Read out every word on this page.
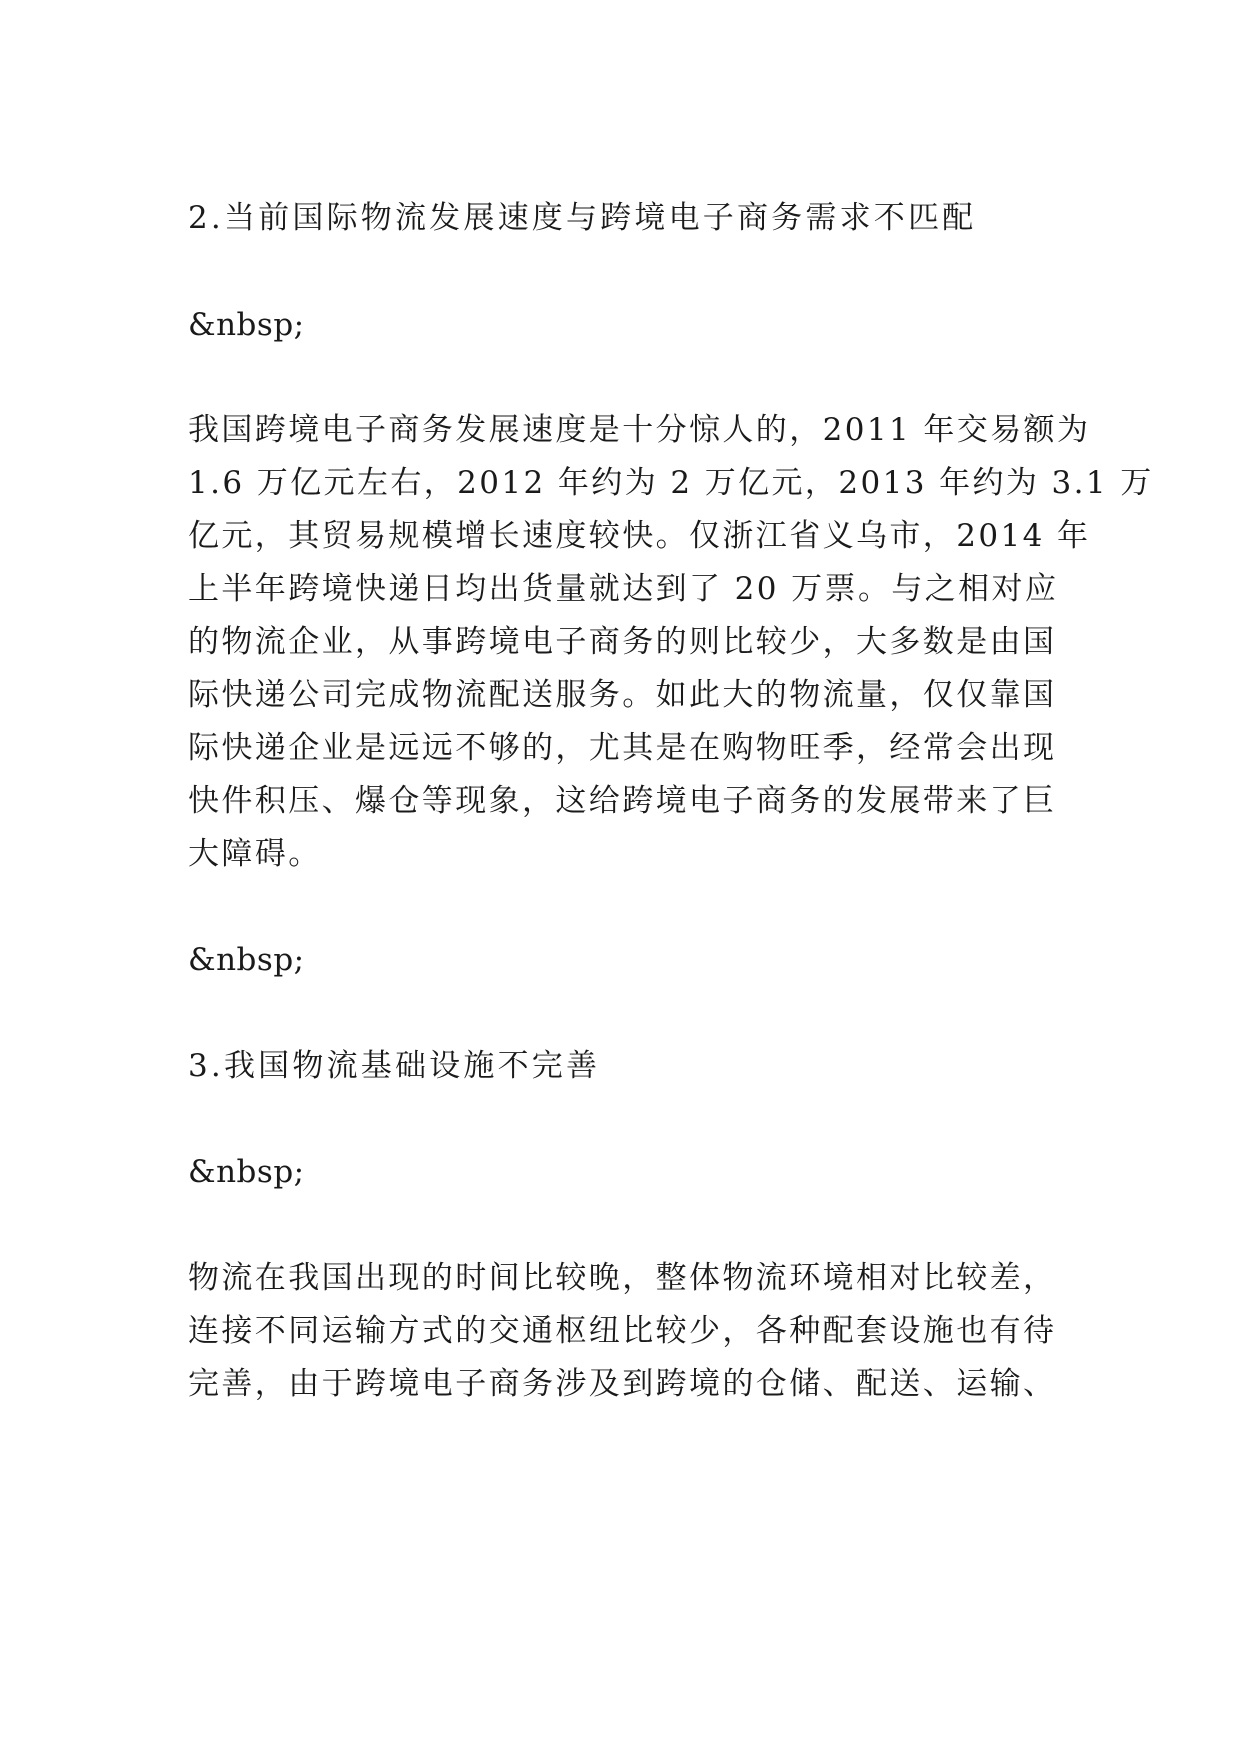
2.当前国际物流发展速度与跨境电子商务需求不匹配
&nbsp;
我国跨境电子商务发展速度是十分惊人的，2011 年交易额为
1.6 万亿元左右，2012 年约为 2 万亿元，2013 年约为 3.1 万
亿元，其贸易规模增长速度较快。仅浙江省义乌市，2014 年
上半年跨境快递日均出货量就达到了 20 万票。与之相对应
的物流企业，从事跨境电子商务的则比较少，大多数是由国
际快递公司完成物流配送服务。如此大的物流量，仅仅靠国
际快递企业是远远不够的，尤其是在购物旺季，经常会出现
快件积压、爆仓等现象，这给跨境电子商务的发展带来了巨
大障碍。
&nbsp;
3.我国物流基础设施不完善
&nbsp;
物流在我国出现的时间比较晚，整体物流环境相对比较差，
连接不同运输方式的交通枢纽比较少，各种配套设施也有待
完善，由于跨境电子商务涉及到跨境的仓储、配送、运输、
